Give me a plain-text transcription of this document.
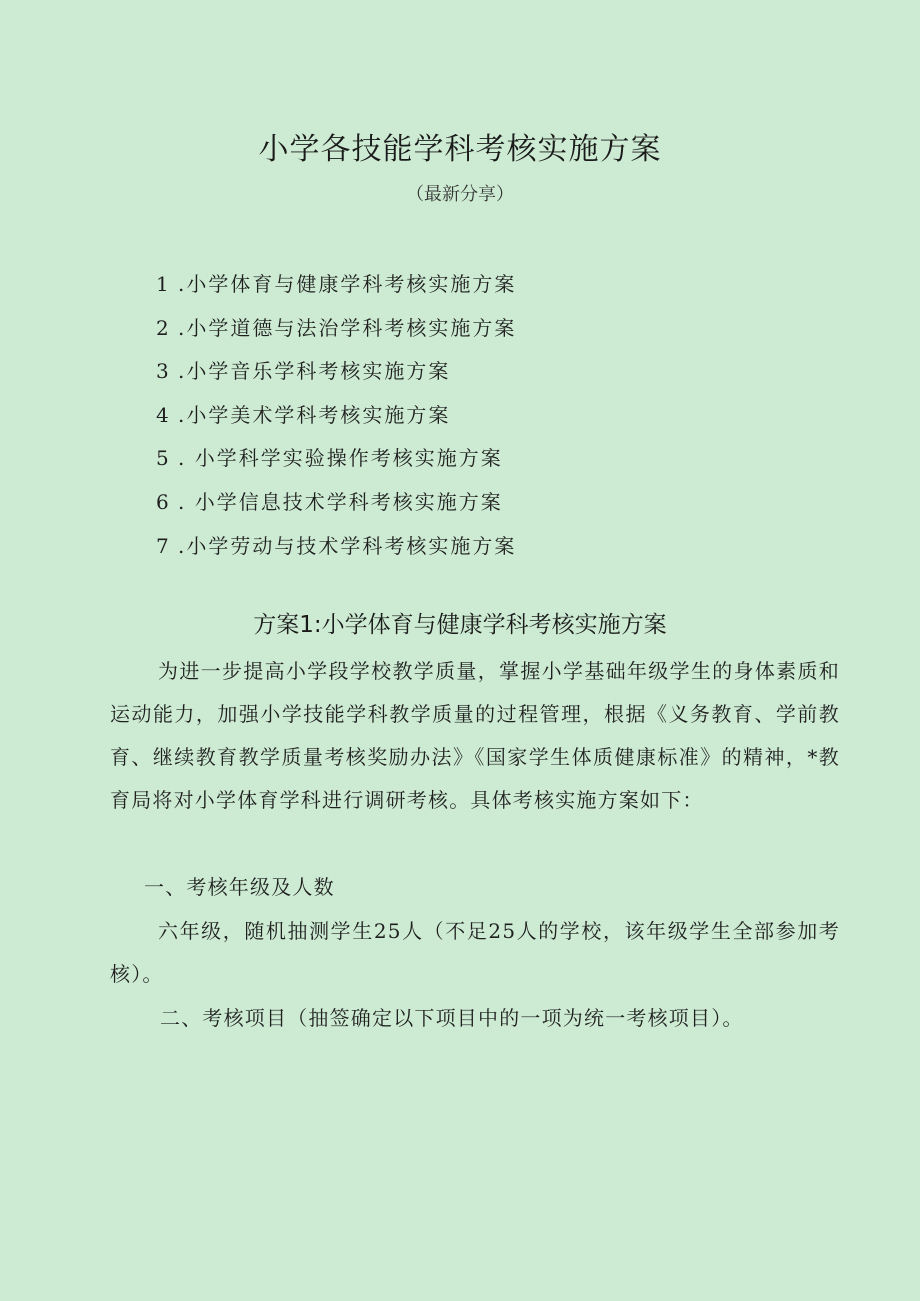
小学各技能学科考核实施方案
（最新分享）
1 .小学体育与健康学科考核实施方案
2 .小学道德与法治学科考核实施方案
3 .小学音乐学科考核实施方案
4 .小学美术学科考核实施方案
5 . 小学科学实验操作考核实施方案
6 . 小学信息技术学科考核实施方案
7 .小学劳动与技术学科考核实施方案
方案1:小学体育与健康学科考核实施方案

为进一步提高小学段学校教学质量，掌握小学基础年级学生的身体素质和运动能力，加强小学技能学科教学质量的过程管理，根据《义务教育、学前教育、继续教育教学质量考核奖励办法》《国家学生体质健康标准》的精神，*教育局将对小学体育学科进行调研考核。具体考核实施方案如下：

一、考核年级及人数

六年级，随机抽测学生25人（不足25人的学校，该年级学生全部参加考核）。

二、考核项目（抽签确定以下项目中的一项为统一考核项目）。
